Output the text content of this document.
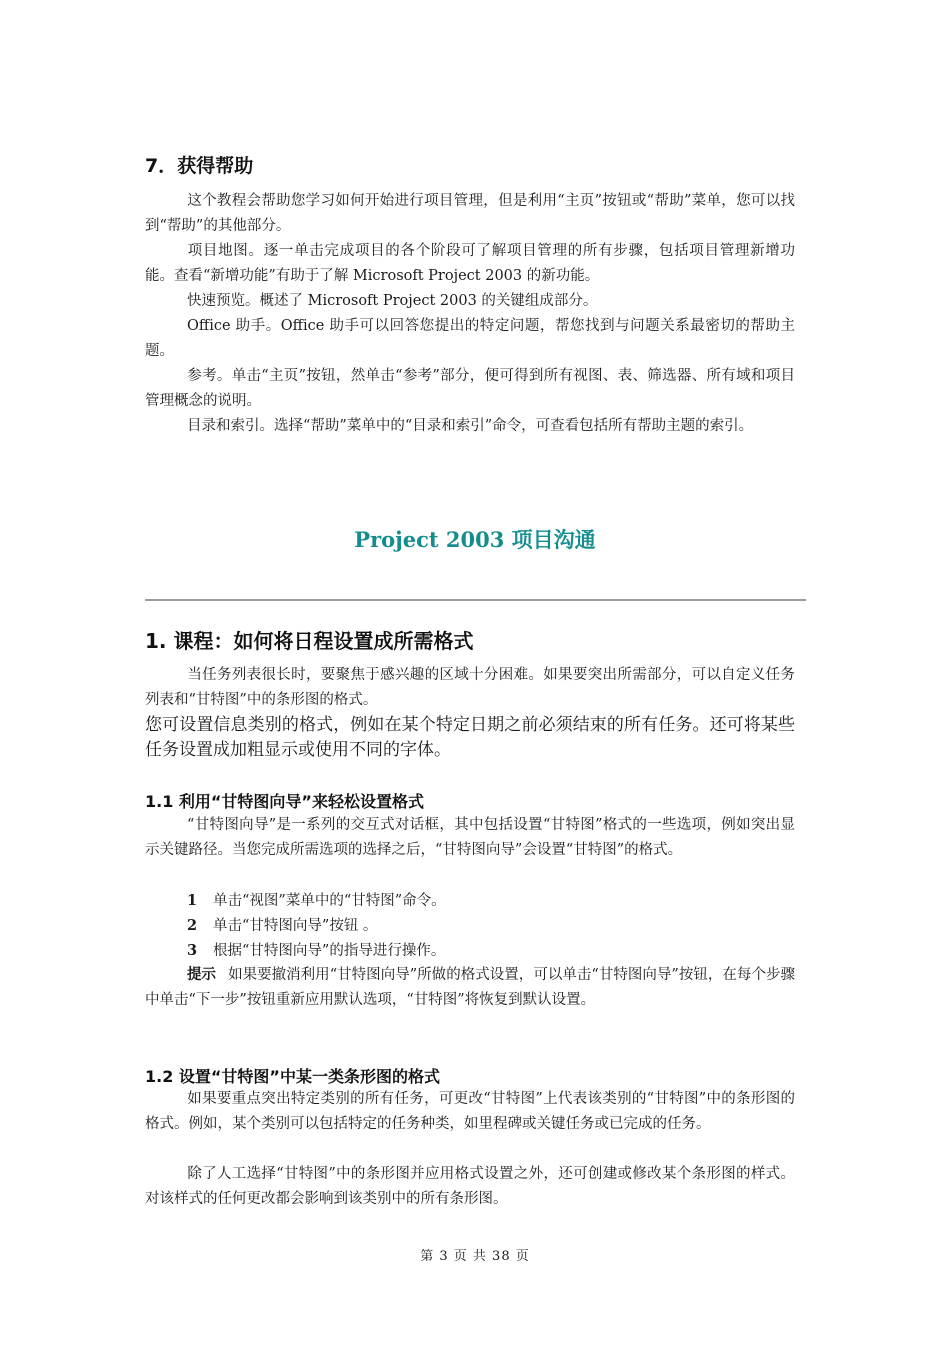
7．获得帮助
这个教程会帮助您学习如何开始进行项目管理，但是利用“主页”按钮或“帮助”菜单，您可以找到“帮助”的其他部分。
项目地图。逐一单击完成项目的各个阶段可了解项目管理的所有步骤，包括项目管理新增功能。查看“新增功能”有助于了解 Microsoft Project 2003 的新功能。
快速预览。概述了 Microsoft Project 2003 的关键组成部分。
Office 助手。Office 助手可以回答您提出的特定问题，帮您找到与问题关系最密切的帮助主题。
参考。单击“主页”按钮，然单击“参考”部分，便可得到所有视图、表、筛选器、所有域和项目管理概念的说明。
目录和索引。选择“帮助”菜单中的“目录和索引”命令，可查看包括所有帮助主题的索引。
Project 2003 项目沟通
1. 课程：如何将日程设置成所需格式
当任务列表很长时，要聚焦于感兴趣的区域十分困难。如果要突出所需部分，可以自定义任务列表和“甘特图”中的条形图的格式。
您可设置信息类别的格式，例如在某个特定日期之前必须结束的所有任务。还可将某些任务设置成加粗显示或使用不同的字体。
1.1 利用“甘特图向导”来轻松设置格式
“甘特图向导”是一系列的交互式对话框，其中包括设置“甘特图”格式的一些选项，例如突出显示关键路径。当您完成所需选项的选择之后，“甘特图向导”会设置“甘特图”的格式。
1 单击“视图”菜单中的“甘特图”命令。
2 单击“甘特图向导”按钮 。
3 根据“甘特图向导”的指导进行操作。
提示 如果要撤消利用“甘特图向导”所做的格式设置，可以单击“甘特图向导”按钮，在每个步骤中单击“下一步”按钮重新应用默认选项，“甘特图”将恢复到默认设置。
1.2 设置“甘特图”中某一类条形图的格式
如果要重点突出特定类别的所有任务，可更改“甘特图”上代表该类别的“甘特图”中的条形图的格式。例如，某个类别可以包括特定的任务种类，如里程碑或关键任务或已完成的任务。
除了人工选择“甘特图”中的条形图并应用格式设置之外，还可创建或修改某个条形图的样式。对该样式的任何更改都会影响到该类别中的所有条形图。
第 3 页 共 38 页
